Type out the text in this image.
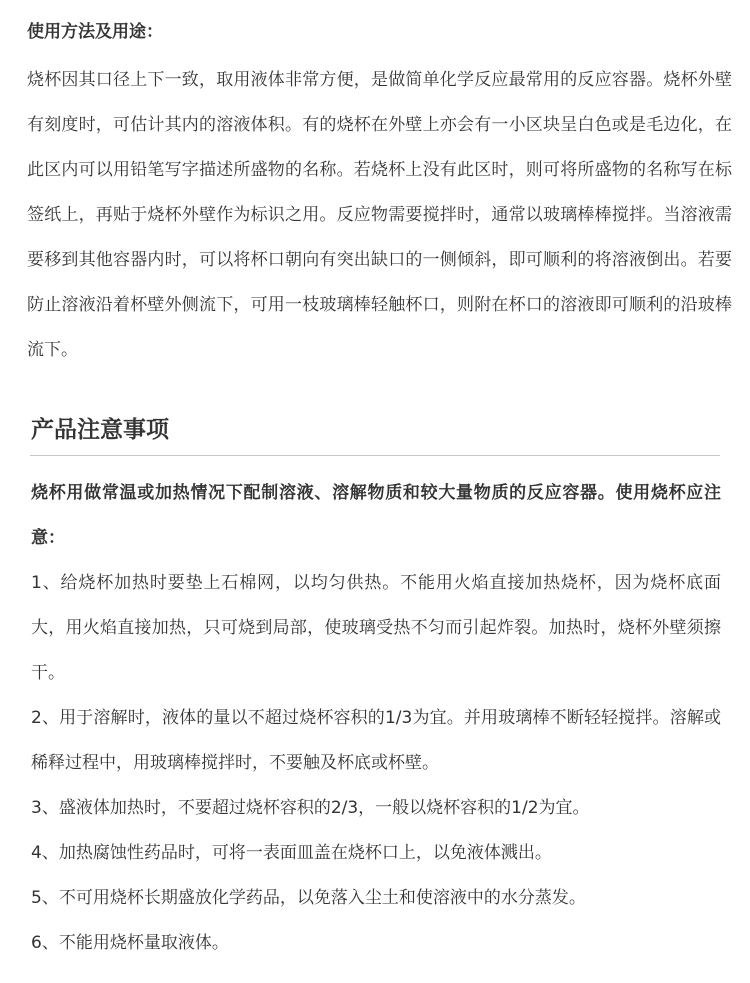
使用方法及用途：
烧杯因其口径上下一致，取用液体非常方便，是做简单化学反应最常用的反应容器。烧杯外壁有刻度时，可估计其内的溶液体积。有的烧杯在外壁上亦会有一小区块呈白色或是毛边化，在此区内可以用铅笔写字描述所盛物的名称。若烧杯上没有此区时，则可将所盛物的名称写在标签纸上，再贴于烧杯外壁作为标识之用。反应物需要搅拌时，通常以玻璃棒棒搅拌。当溶液需要移到其他容器内时，可以将杯口朝向有突出缺口的一侧倾斜，即可顺利的将溶液倒出。若要防止溶液沿着杯壁外侧流下，可用一枝玻璃棒轻触杯口，则附在杯口的溶液即可顺利的沿玻棒流下。
产品注意事项
烧杯用做常温或加热情况下配制溶液、溶解物质和较大量物质的反应容器。使用烧杯应注意：
1、给烧杯加热时要垫上石棉网，以均匀供热。不能用火焰直接加热烧杯，因为烧杯底面大，用火焰直接加热，只可烧到局部，使玻璃受热不匀而引起炸裂。加热时，烧杯外壁须擦干。
2、用于溶解时，液体的量以不超过烧杯容积的1/3为宜。并用玻璃棒不断轻轻搅拌。溶解或稀释过程中，用玻璃棒搅拌时，不要触及杯底或杯壁。
3、盛液体加热时，不要超过烧杯容积的2/3，一般以烧杯容积的1/2为宜。
4、加热腐蚀性药品时，可将一表面皿盖在烧杯口上，以免液体溅出。
5、不可用烧杯长期盛放化学药品，以免落入尘土和使溶液中的水分蒸发。
6、不能用烧杯量取液体。
